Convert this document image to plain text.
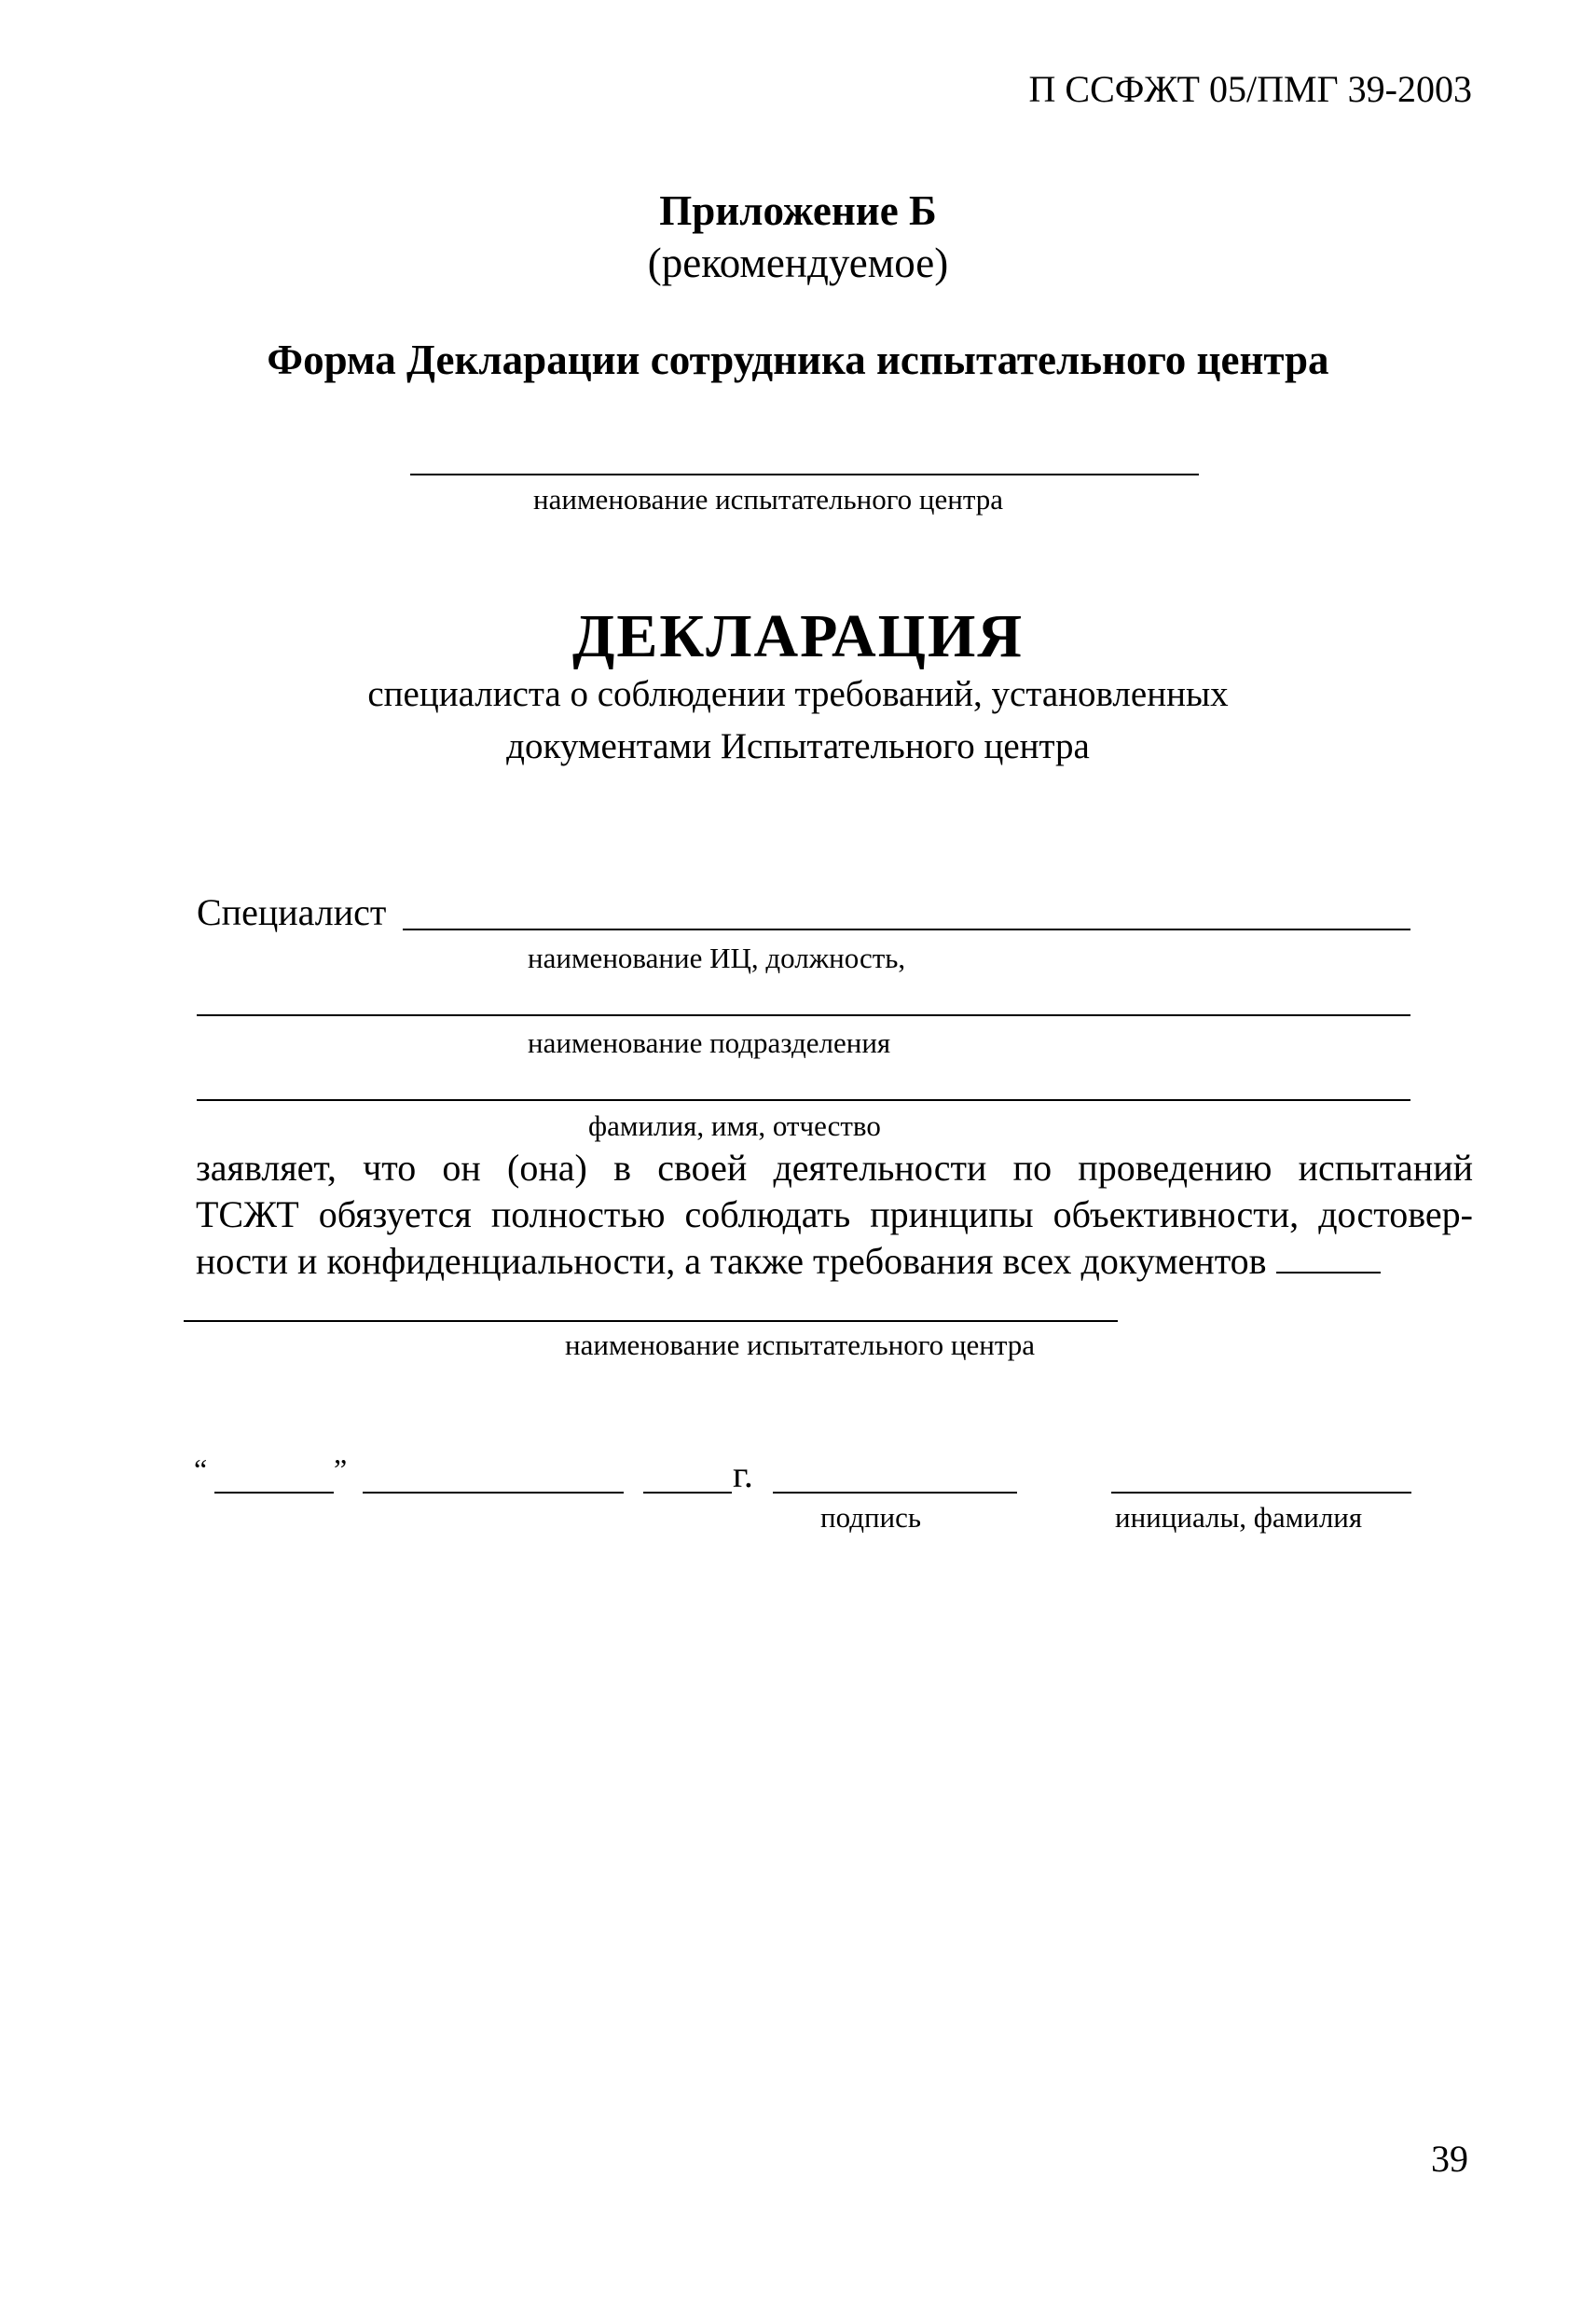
П ССФЖТ 05/ПМГ 39-2003
Приложение Б
(рекомендуемое)
Форма Декларации сотрудника испытательного центра
наименование испытательного центра
ДЕКЛАРАЦИЯ
специалиста о соблюдении требований, установленных
документами Испытательного центра
Специалист
наименование ИЦ, должность,
наименование подразделения
фамилия, имя, отчество
заявляет, что он (она) в своей деятельности по проведению испытаний
ТСЖТ обязуется полностью соблюдать принципы объективности, достовер-
ности и конфиденциальности, а также требования всех документов
наименование испытательного центра
“	”	г.
подпись	инициалы, фамилия
39
